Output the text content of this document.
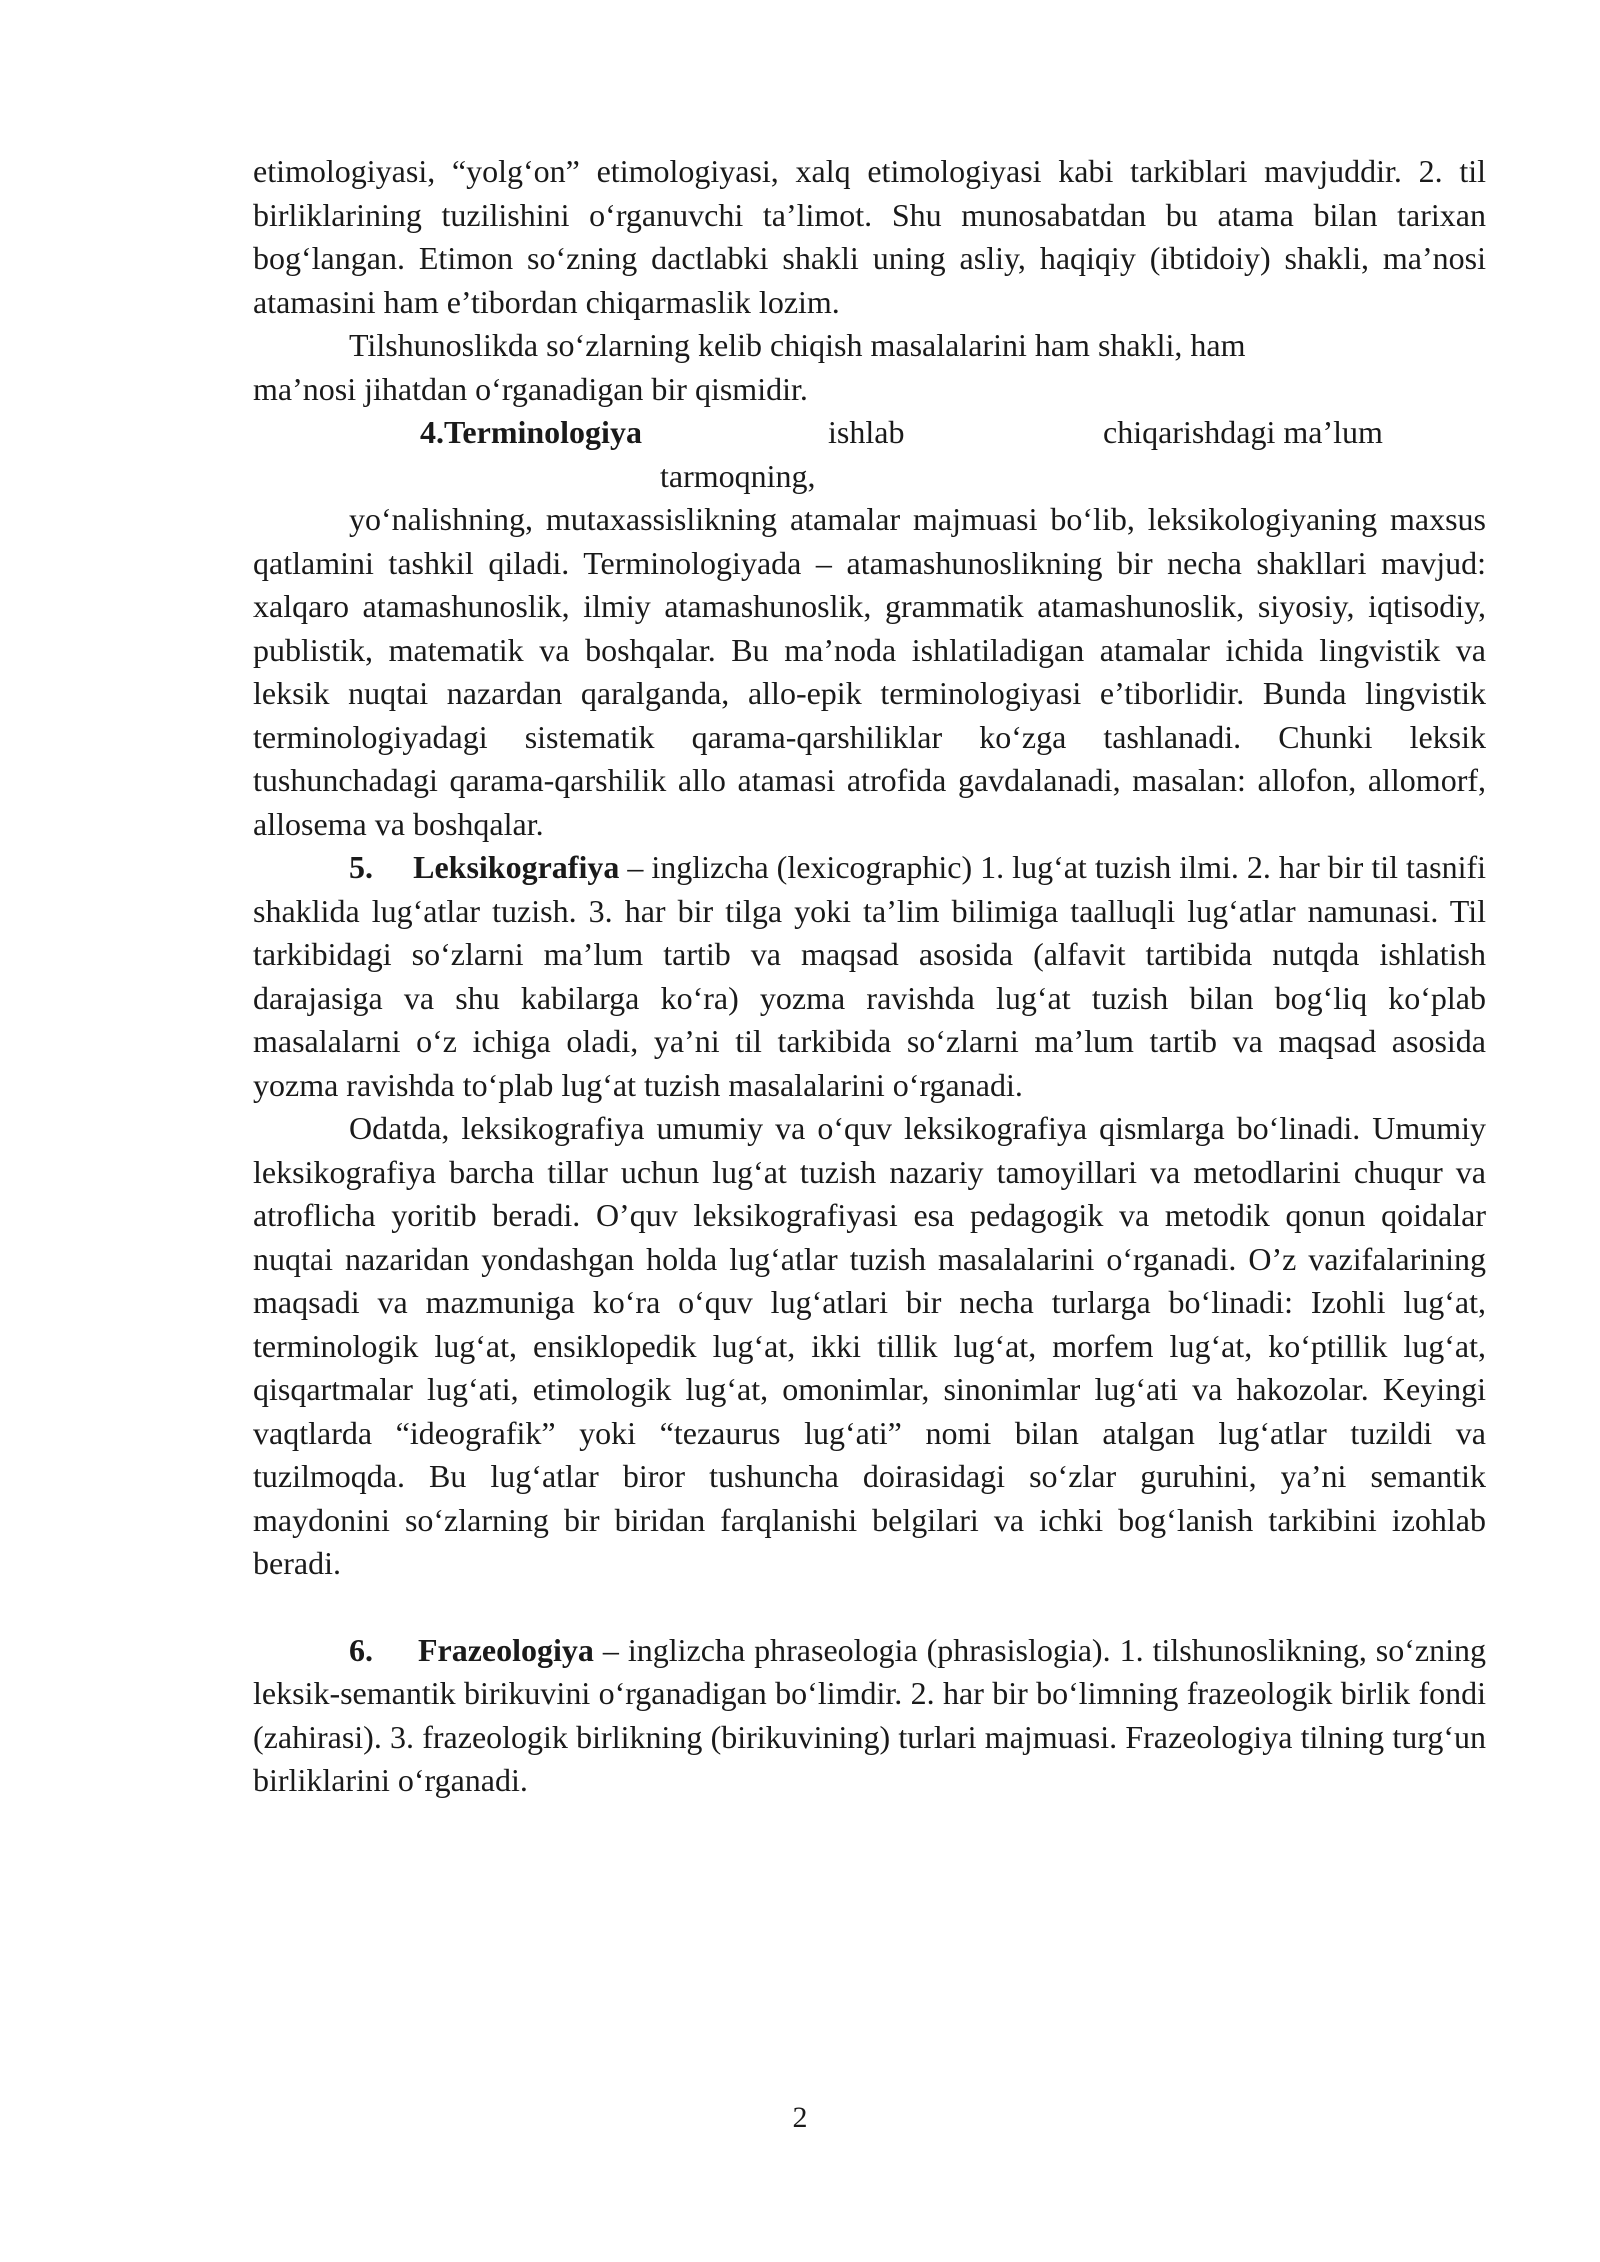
etimologiyasi, “yolg‘on” etimologiyasi, xalq etimologiyasi kabi tarkiblari mavjuddir. 2. til birliklarining tuzilishini o‘rganuvchi ta’limot. Shu munosabatdan bu atama bilan tarixan bog‘langan. Etimon so‘zning dactlabki shakli uning asliy, haqiqiy (ibtidoiy) shakli, ma’nosi atamasini ham e’tibordan chiqarmaslik lozim.

Tilshunoslikda so‘zlarning kelib chiqish masalalarini ham shakli, ham
ma’nosi jihatdan o‘rganadigan bir qismidir.

4.Terminologiya	ishlab	chiqarishdagi ma’lum
tarmoqning,

yo‘nalishning, mutaxassislikning atamalar majmuasi bo‘lib, leksikologiyaning maxsus qatlamini tashkil qiladi. Terminologiyada – atamashunoslikning bir necha shakllari mavjud: xalqaro atamashunoslik, ilmiy atamashunoslik, grammatik atamashunoslik, siyosiy, iqtisodiy, publistik, matematik va boshqalar. Bu ma’noda ishlatiladigan atamalar ichida lingvistik va leksik nuqtai nazardan qaralganda, allo-epik terminologiyasi e’tiborlidir. Bunda lingvistik terminologiyadagi sistematik qarama-qarshiliklar ko‘zga tashlanadi. Chunki leksik tushunchadagi qarama-qarshilik allo atamasi atrofida gavdalanadi, masalan: allofon, allomorf, allosema va boshqalar.

5. Leksikografiya – inglizcha (lexicographic) 1. lug‘at tuzish ilmi. 2. har bir til tasnifi shaklida lug‘atlar tuzish. 3. har bir tilga yoki ta’lim bilimiga taalluqli lug‘atlar namunasi. Til tarkibidagi so‘zlarni ma’lum tartib va maqsad asosida (alfavit tartibida nutqda ishlatish darajasiga va shu kabilarga ko‘ra) yozma ravishda lug‘at tuzish bilan bog‘liq ko‘plab masalalarni o‘z ichiga oladi, ya’ni til tarkibida so‘zlarni ma’lum tartib va maqsad asosida yozma ravishda to‘plab lug‘at tuzish masalalarini o‘rganadi.

Odatda, leksikografiya umumiy va o‘quv leksikografiya qismlarga bo‘linadi. Umumiy leksikografiya barcha tillar uchun lug‘at tuzish nazariy tamoyillari va metodlarini chuqur va atroflicha yoritib beradi. O’quv leksikografiyasi esa pedagogik va metodik qonun qoidalar nuqtai nazaridan yondashgan holda lug‘atlar tuzish masalalarini o‘rganadi. O’z vazifalarining maqsadi va mazmuniga ko‘ra o‘quv lug‘atlari bir necha turlarga bo‘linadi: Izohli lug‘at, terminologik lug‘at, ensiklopedik lug‘at, ikki tillik lug‘at, morfem lug‘at, ko‘ptillik lug‘at, qisqartmalar lug‘ati, etimologik lug‘at, omonimlar, sinonimlar lug‘ati va hakozolar. Keyingi vaqtlarda “ideografik” yoki “tezaurus lug‘ati” nomi bilan atalgan lug‘atlar tuzildi va tuzilmoqda. Bu lug‘atlar biror tushuncha doirasidagi so‘zlar guruhini, ya’ni semantik maydonini so‘zlarning bir biridan farqlanishi belgilari va ichki bog‘lanish tarkibini izohlab beradi.

6. Frazeologiya – inglizcha phraseologia (phrasislogia). 1. tilshunoslikning, so‘zning leksik-semantik birikuvini o‘rganadigan bo‘limdir. 2. har bir bo‘limning frazeologik birlik fondi (zahirasi). 3. frazeologik birlikning (birikuvining) turlari majmuasi. Frazeologiya tilning turg‘un birliklarini o‘rganadi.

2
